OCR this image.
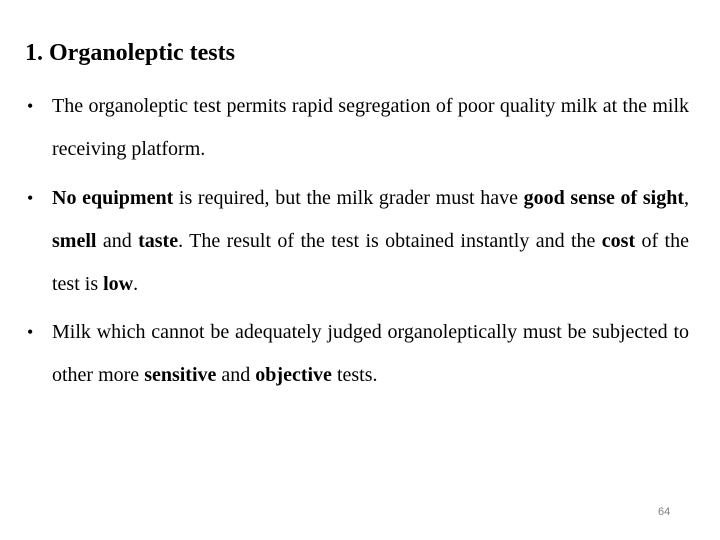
1. Organoleptic tests
• The organoleptic test permits rapid segregation of poor quality milk at the milk receiving platform.
• No equipment is required, but the milk grader must have good sense of sight, smell and taste. The result of the test is obtained instantly and the cost of the test is low.
• Milk which cannot be adequately judged organoleptically must be subjected to other more sensitive and objective tests.
64
